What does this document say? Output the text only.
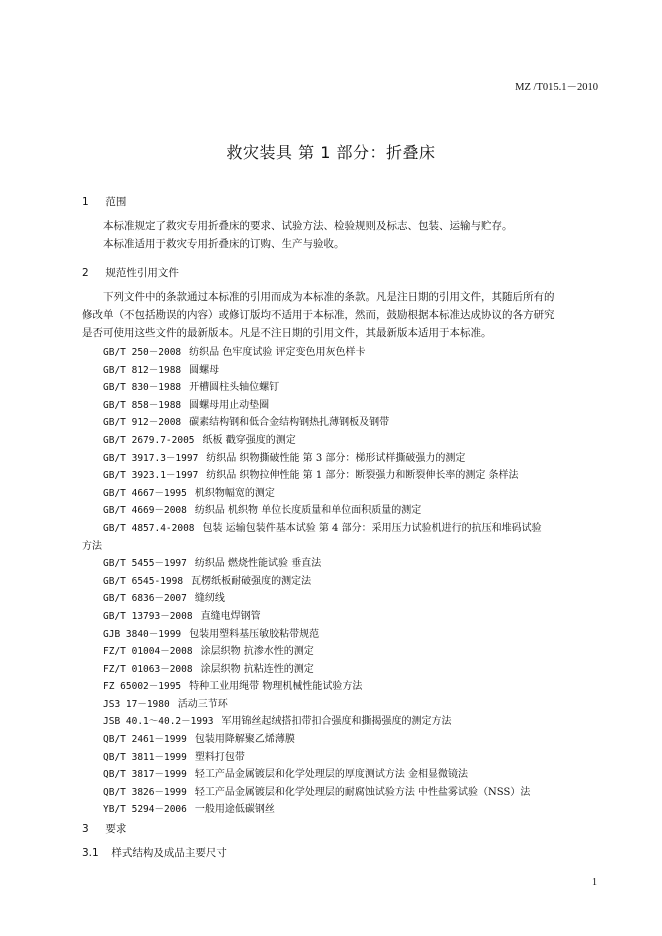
MZ /T015.1－2010
救灾装具 第 1 部分：折叠床
1 范围
本标准规定了救灾专用折叠床的要求、试验方法、检验规则及标志、包装、运输与贮存。
本标准适用于救灾专用折叠床的订购、生产与验收。
2 规范性引用文件
下列文件中的条款通过本标准的引用而成为本标准的条款。凡是注日期的引用文件，其随后所有的
修改单（不包括勘误的内容）或修订版均不适用于本标准，然而，鼓励根据本标准达成协议的各方研究
是否可使用这些文件的最新版本。凡是不注日期的引用文件，其最新版本适用于本标准。
GB/T 250－2008 纺织品 色牢度试验 评定变色用灰色样卡
GB/T 812－1988 圆螺母
GB/T 830－1988 开槽圆柱头轴位螺钉
GB/T 858－1988 圆螺母用止动垫圈
GB/T 912－2008 碳素结构钢和低合金结构钢热扎薄钢板及钢带
GB/T 2679.7-2005 纸板 戳穿强度的测定
GB/T 3917.3－1997 纺织品 织物撕破性能 第 3 部分：梯形试样撕破强力的测定
GB/T 3923.1－1997 纺织品 织物拉伸性能 第 1 部分：断裂强力和断裂伸长率的测定 条样法
GB/T 4667－1995 机织物幅宽的测定
GB/T 4669－2008 纺织品 机织物 单位长度质量和单位面积质量的测定
GB/T 4857.4-2008 包装 运输包装件基本试验 第 4 部分：采用压力试验机进行的抗压和堆码试验
方法
GB/T 5455－1997 纺织品 燃烧性能试验 垂直法
GB/T 6545-1998 瓦楞纸板耐破强度的测定法
GB/T 6836－2007 缝纫线
GB/T 13793－2008 直缝电焊钢管
GJB 3840－1999 包装用塑料基压敏胶粘带规范
FZ/T 01004－2008 涂层织物 抗渗水性的测定
FZ/T 01063－2008 涂层织物 抗粘连性的测定
FZ 65002－1995 特种工业用绳带 物理机械性能试验方法
JS3 17－1980 活动三节环
JSB 40.1～40.2－1993 军用锦丝起绒搭扣带扣合强度和撕揭强度的测定方法
QB/T 2461－1999 包装用降解聚乙烯薄膜
QB/T 3811－1999 塑料打包带
QB/T 3817－1999 轻工产品金属镀层和化学处理层的厚度测试方法 金相显微镜法
QB/T 3826－1999 轻工产品金属镀层和化学处理层的耐腐蚀试验方法 中性盐雾试验（NSS）法
YB/T 5294－2006 一般用途低碳钢丝
3 要求
3.1 样式结构及成品主要尺寸
1
